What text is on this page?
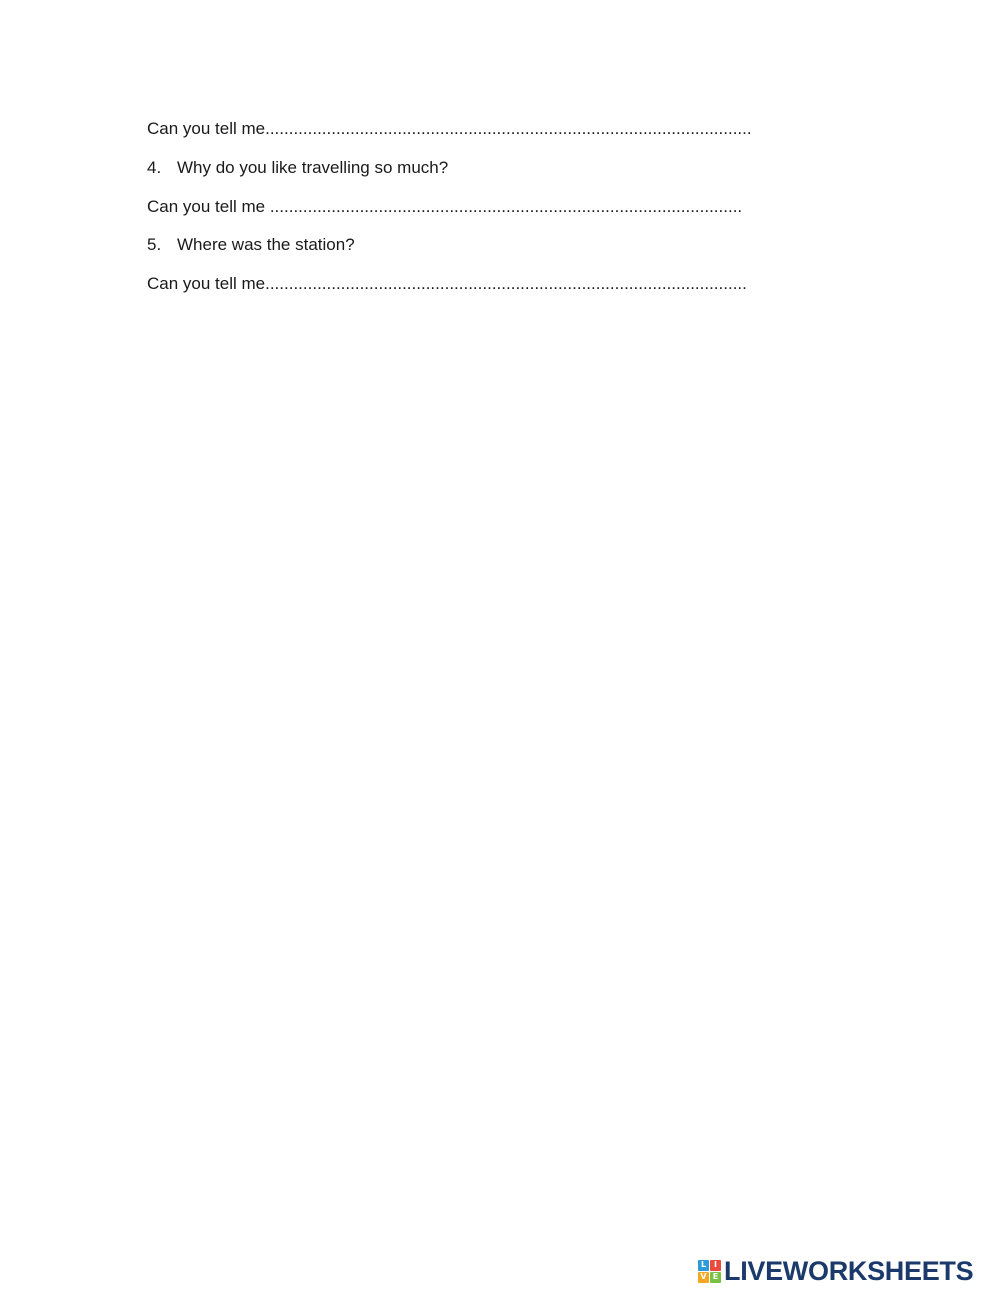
Can you tell me.......................................................................................................
4. Why do you like travelling so much?
Can you tell me ....................................................................................................
5. Where was the station?
Can you tell me......................................................................................................
L I
V E LIVEWORKSHEETS
